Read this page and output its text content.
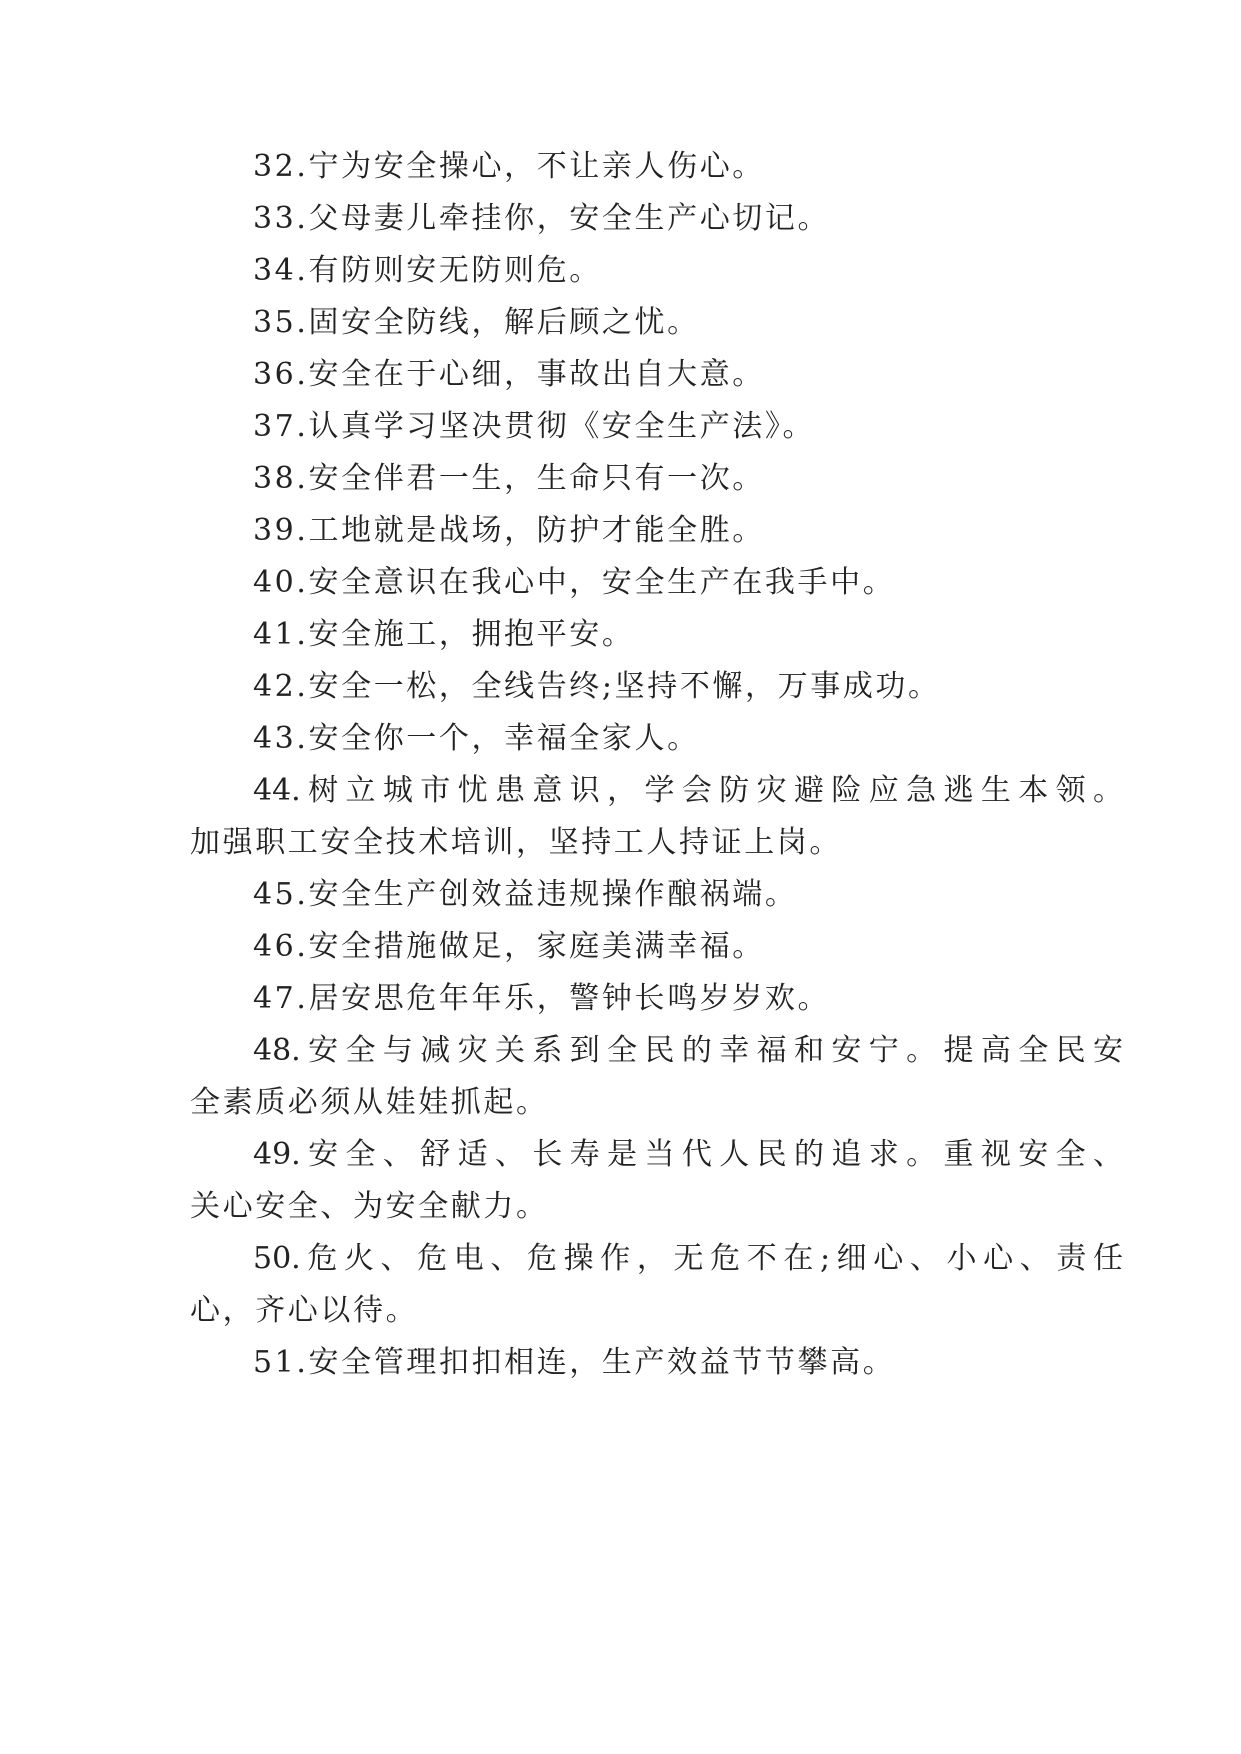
32.宁为安全操心，不让亲人伤心。

33.父母妻儿牵挂你，安全生产心切记。

34.有防则安无防则危。

35.固安全防线，解后顾之忧。

36.安全在于心细，事故出自大意。

37.认真学习坚决贯彻《安全生产法》。

38.安全伴君一生，生命只有一次。

39.工地就是战场，防护才能全胜。

40.安全意识在我心中，安全生产在我手中。

41.安全施工，拥抱平安。

42.安全一松，全线告终;坚持不懈，万事成功。

43.安全你一个，幸福全家人。

44.树立城市忧患意识，学会防灾避险应急逃生本领。

加强职工安全技术培训，坚持工人持证上岗。

45.安全生产创效益违规操作酿祸端。

46.安全措施做足，家庭美满幸福。

47.居安思危年年乐，警钟长鸣岁岁欢。

48.安全与减灾关系到全民的幸福和安宁。提高全民安

全素质必须从娃娃抓起。

49.安全、舒适、长寿是当代人民的追求。重视安全、

关心安全、为安全献力。

50.危火、危电、危操作，无危不在;细心、小心、责任

心，齐心以待。

51.安全管理扣扣相连，生产效益节节攀高。
